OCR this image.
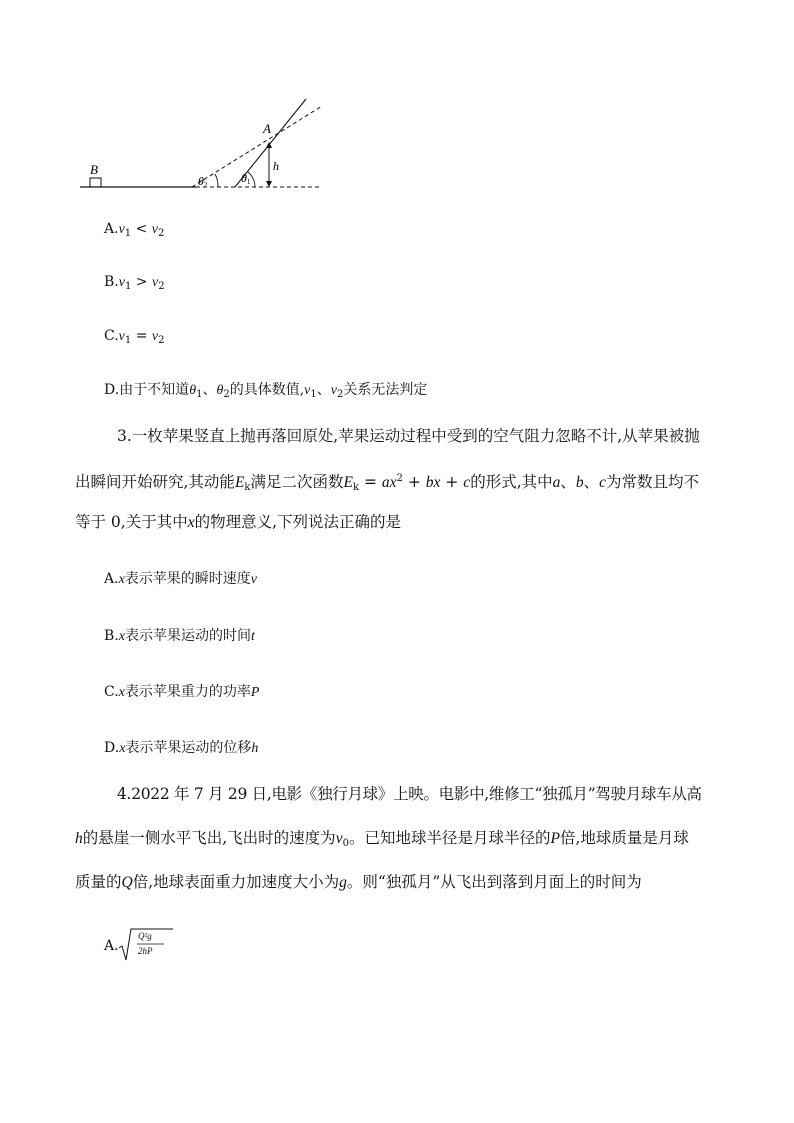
A
B	h
θ2	θ1
$A.v_1 < v_2$
$B.v_1 > v_2$
$C.v_1 = v_2$
D.由于不知道$\theta_1$、$\theta_2$的具体数值$,v_1$、$v_2$关系无法判定
3.一枚苹果竖直上抛再落回原处,苹果运动过程中受到的空气阻力忽略不计,从苹果被抛
出瞬间开始研究,其动能$E_k$满足二次函数$E_k = ax^2$ + bx + c的形式,其中a、b、c为常数且均不
等于 0,关于其中x的物理意义,下列说法正确的是
A.x表示苹果的瞬时速度v
B.x表示苹果运动的时间t
C.x表示苹果重力的功率P
D.x表示苹果运动的位移h
4.2022 年 7 月 29 日,电影《独行月球》上映。电影中,维修工“独孤月”驾驶月球车从高
h的悬崖一侧水平飞出,飞出时的速度为$v_0$。已知地球半径是月球半径的P倍,地球质量是月球
质量的Q倍,地球表面重力加速度大小为g。则“独孤月”从飞出到落到月面上的时间为
A.
Q²g
2hP
